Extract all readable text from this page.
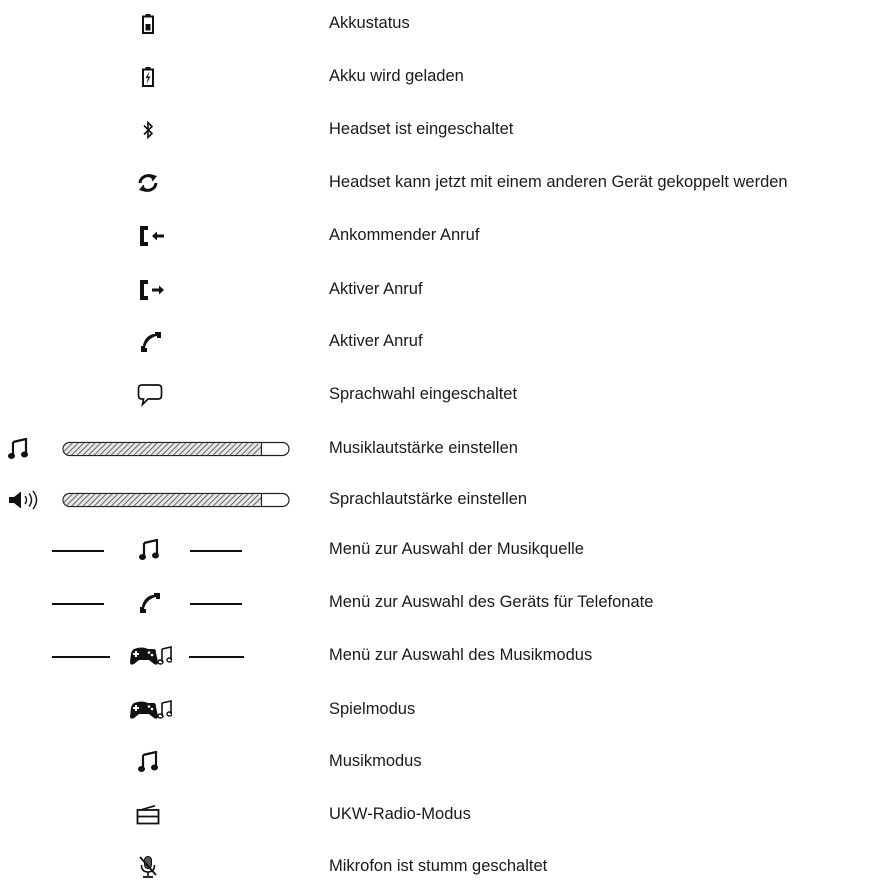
Akkustatus
Akku wird geladen
Headset ist eingeschaltet
Headset kann jetzt mit einem anderen Gerät gekoppelt werden
Ankommender Anruf
Aktiver Anruf
Aktiver Anruf
Sprachwahl eingeschaltet
Musiklautstärke einstellen
Sprachlautstärke einstellen
Menü zur Auswahl der Musikquelle
Menü zur Auswahl des Geräts für Telefonate
Menü zur Auswahl des Musikmodus
Spielmodus
Musikmodus
UKW-Radio-Modus
Mikrofon ist stumm geschaltet
